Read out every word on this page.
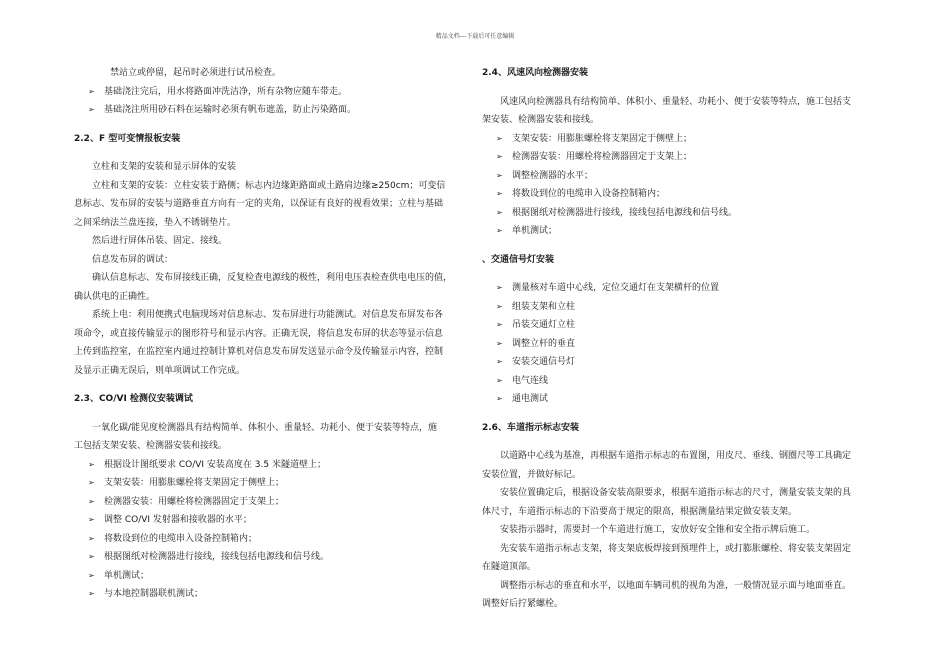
精品文档---下载后可任意编辑

禁站立或停留，起吊时必须进行试吊检查。

➢ 基础浇注完后，用水将路面冲洗洁净，所有杂物应随车带走。
➢ 基础浇注所用砂石料在运输时必须有帆布遮盖，防止污染路面。

2.2、F 型可变情报板安装

立柱和支架的安装和显示屏体的安装

立柱和支架的安装：立柱安装于路侧；标志内边缘距路面或土路肩边缘≥250cm；可变信

息标志、发布屏的安装与道路垂直方向有一定的夹角，以保证有良好的视看效果；立柱与基础

之间采纳法兰盘连接，垫入不锈钢垫片。

然后进行屏体吊装、固定、接线。

信息发布屏的调试：

确认信息标志、发布屏接线正确，反复检查电源线的极性，利用电压表检查供电电压的值，

确认供电的正确性。

系统上电：利用便携式电脑现场对信息标志、发布屏进行功能测试。对信息发布屏发布各

项命令，或直接传输显示的图形符号和显示内容。正确无误，将信息发布屏的状态等显示信息

上传到监控室，在监控室内通过控制计算机对信息发布屏发送显示命令及传输显示内容，控制

及显示正确无误后，则单项调试工作完成。

2.3、CO/VI 检测仪安装调试

一氧化碳/能见度检测器具有结构简单、体积小、重量轻、功耗小、便于安装等特点，施

工包括支架安装、检测器安装和接线。

➢ 根据设计图纸要求 CO/VI 安装高度在 3.5 米隧道壁上；
➢ 支架安装：用膨胀螺栓将支架固定于侧壁上；
➢ 检测器安装：用螺栓将检测器固定于支架上；
➢ 调整 CO/VI 发射器和接收器的水平；
➢ 将数设到位的电缆串入设备控制箱内；
➢ 根据图纸对检测器进行接线，接线包括电源线和信号线。
➢ 单机测试；
➢ 与本地控制器联机测试；

2.4、风速风向检测器安装

风速风向检测器具有结构简单、体积小、重量轻、功耗小、便于安装等特点，施工包括支

架安装、检测器安装和接线。

➢ 支架安装：用膨胀螺栓将支架固定于侧壁上；
➢ 检测器安装：用螺栓将检测器固定于支架上；
➢ 调整检测器的水平；
➢ 将数设到位的电缆串入设备控制箱内；
➢ 根据图纸对检测器进行接线，接线包括电源线和信号线。
➢ 单机测试；

、交通信号灯安装

➢ 测量核对车道中心线，定位交通灯在支架横杆的位置
➢ 组装支架和立柱
➢ 吊装交通灯立柱
➢ 调整立杆的垂直
➢ 安装交通信号灯
➢ 电气连线
➢ 通电测试

2.6、车道指示标志安装

以道路中心线为基准，再根据车道指示标志的布置图，用皮尺、垂线、钢圈尺等工具确定

安装位置，并做好标记。

安装位置确定后，根据设备安装高限要求，根据车道指示标志的尺寸，测量安装支架的具

体尺寸，车道指示标志的下沿要高于规定的限高，根据测量结果定做安装支架。

安装指示器时，需要封一个车道进行施工，安放好安全锥和安全指示牌后施工。

先安装车道指示标志支架，将支架底板焊接到预埋件上，或打膨胀螺栓、将安装支架固定

在隧道顶部。

调整指示标志的垂直和水平，以地面车辆司机的视角为准，一般情况显示面与地面垂直。

调整好后拧紧螺栓。
